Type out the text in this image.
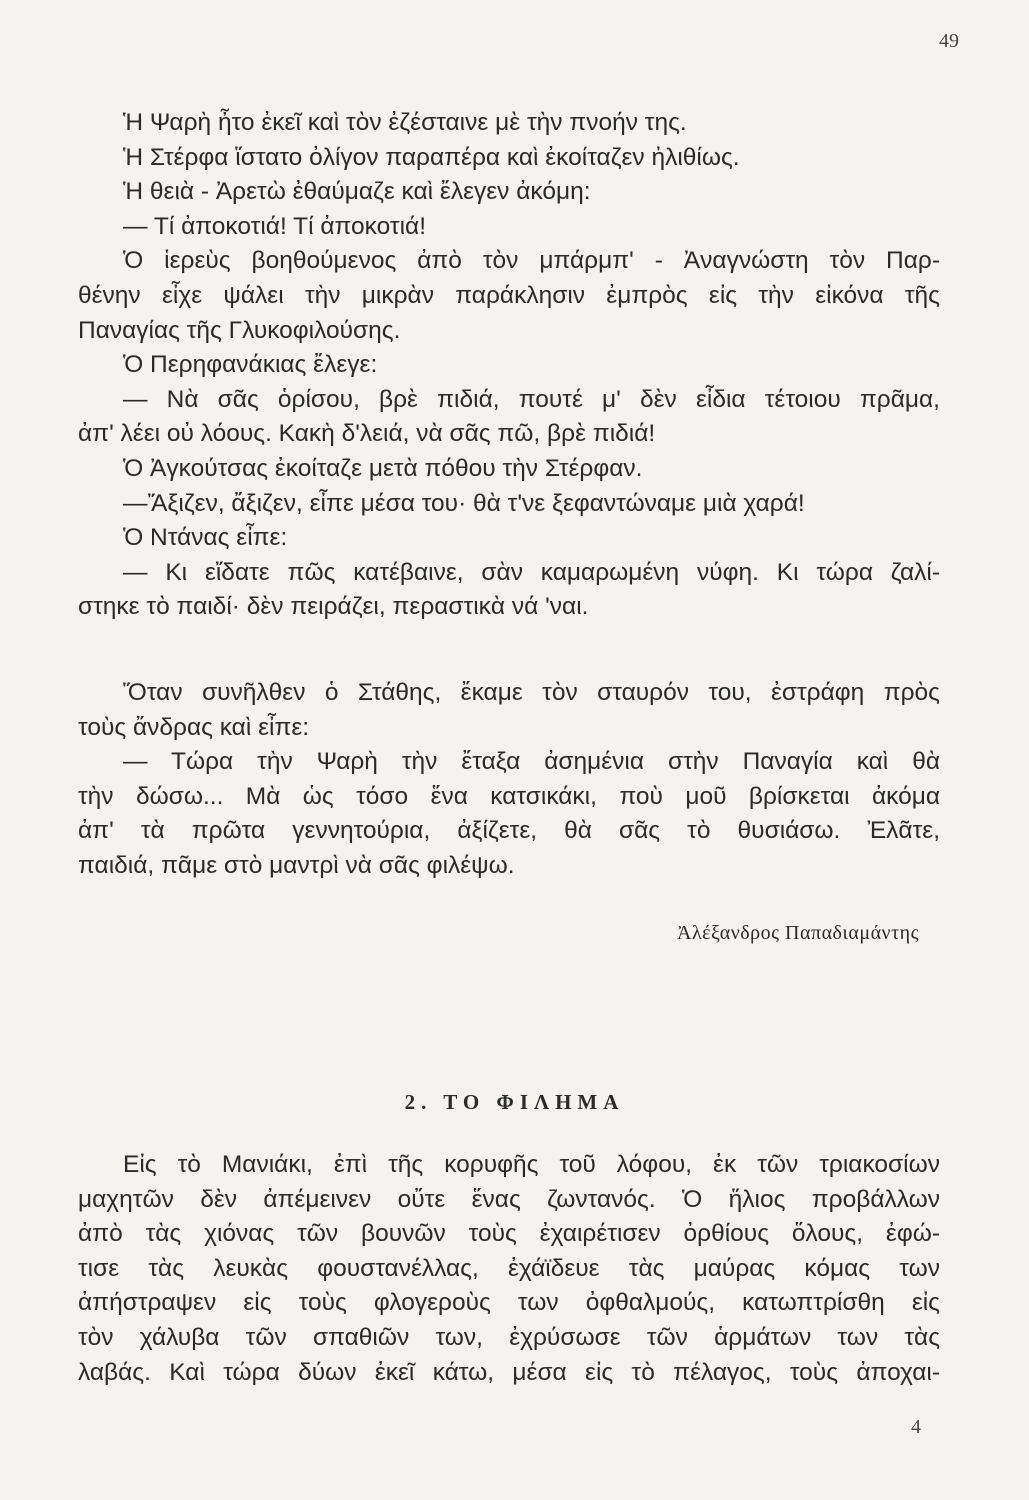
49
Ἡ Ψαρὴ ἦτο ἐκεῖ καὶ τὸν ἐζέσταινε μὲ τὴν πνοήν της.
Ἡ Στέρφα ἵστατο ὀλίγον παραπέρα καὶ ἐκοίταζεν ἠλιθίως.
Ἡ θειὰ - Ἀρετὼ ἐθαύμαζε καὶ ἔλεγεν ἀκόμη:
— Τί ἀποκοτιά! Τί ἀποκοτιά!
Ὁ ἱερεὺς βοηθούμενος ἀπὸ τὸν μπάρμπ' - Ἀναγνώστη τὸν Παρ-
θένην εἶχε ψάλει τὴν μικρὰν παράκλησιν ἐμπρὸς εἰς τὴν εἰκόνα τῆς
Παναγίας τῆς Γλυκοφιλούσης.
Ὁ Περηφανάκιας ἔλεγε:
— Νὰ σᾶς ὁρίσου, βρὲ πιδιά, πουτέ μ' δὲν εἶδια τέτοιου πρᾶμα,
ἀπ' λέει οὐ λόους. Κακὴ δ'λειά, νὰ σᾶς πῶ, βρὲ πιδιά!
Ὁ Ἀγκούτσας ἐκοίταζε μετὰ πόθου τὴν Στέρφαν.
—Ἄξιζεν, ἄξιζεν, εἶπε μέσα του· θὰ τ'νε ξεφαντώναμε μιὰ χαρά!
Ὁ Ντάνας εἶπε:
— Κι εἴδατε πῶς κατέβαινε, σὰν καμαρωμένη νύφη. Κι τώρα ζαλί-
στηκε τὸ παιδί· δὲν πειράζει, περαστικὰ νά 'ναι.
Ὅταν συνῆλθεν ὁ Στάθης, ἔκαμε τὸν σταυρόν του, ἐστράφη πρὸς
τοὺς ἄνδρας καὶ εἶπε:
— Τώρα τὴν Ψαρὴ τὴν ἔταξα ἀσημένια στὴν Παναγία καὶ θὰ
τὴν δώσω... Μὰ ὡς τόσο ἕνα κατσικάκι, ποὺ μοῦ βρίσκεται ἀκόμα
ἀπ' τὰ πρῶτα γεννητούρια, ἀξίζετε, θὰ σᾶς τὸ θυσιάσω. Ἐλᾶτε,
παιδιά, πᾶμε στὸ μαντρὶ νὰ σᾶς φιλέψω.
Ἀλέξανδρος Παπαδιαμάντης
2. ΤΟ ΦΙΛΗΜΑ
Εἰς τὸ Μανιάκι, ἐπὶ τῆς κορυφῆς τοῦ λόφου, ἐκ τῶν τριακοσίων
μαχητῶν δὲν ἀπέμεινεν οὔτε ἕνας ζωντανός. Ὁ ἥλιος προβάλλων
ἀπὸ τὰς χιόνας τῶν βουνῶν τοὺς ἐχαιρέτισεν ὀρθίους ὅλους, ἐφώ-
τισε τὰς λευκὰς φουστανέλλας, ἐχάϊδευε τὰς μαύρας κόμας των
ἀπήστραψεν εἰς τοὺς φλογεροὺς των ὀφθαλμούς, κατωπτρίσθη εἰς
τὸν χάλυβα τῶν σπαθιῶν των, ἐχρύσωσε τῶν ἁρμάτων των τὰς
λαβάς. Καὶ τώρα δύων ἐκεῖ κάτω, μέσα εἰς τὸ πέλαγος, τοὺς ἀποχαι-
4
